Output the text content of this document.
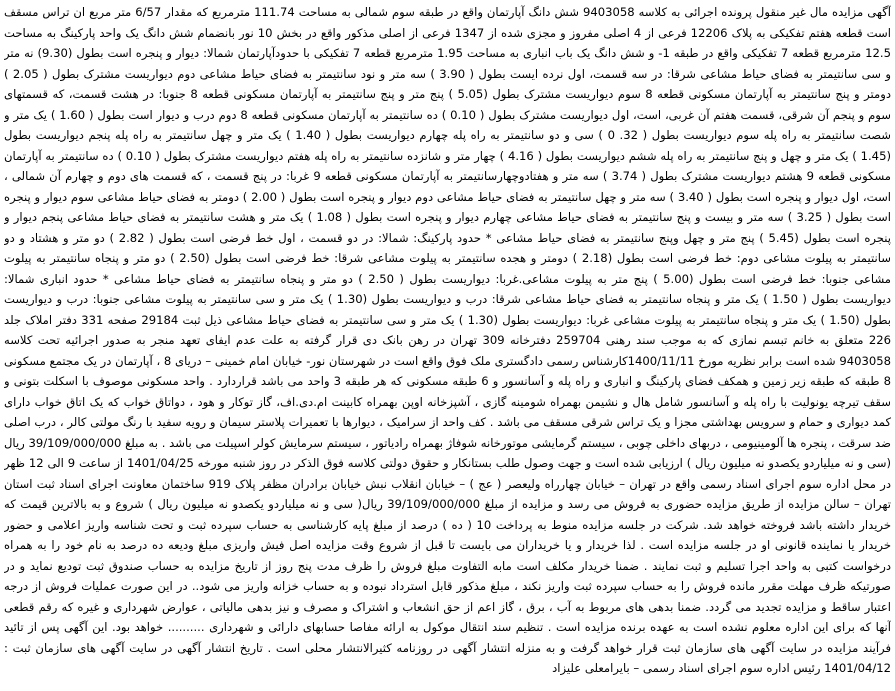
آگهی مزایده مال غیر منقول پرونده اجرائی به کلاسه 9403058 شش دانگ آپارتمان واقع در طبقه سوم شمالی به مساحت 111.74 مترمربع که مقدار 6/57 متر مربع ان تراس مسقف است قطعه هفتم تفکیکی به پلاک 12206 فرعی از 4 اصلی مفروز و مجزی شده از 1347 فرعی از اصلی مذکور واقع در بخش 10 نور بانضمام شش دانگ یک واحد پارکینگ به مساحت 12.5 مترمربع قطعه 7 تفکیکی واقع در طبقه 1- و شش دانگ یک باب انباری به مساحت 1.95 مترمربع قطعه 7 تفکیکی با حدودآپارتمان شمالا: دیوار و پنجره است بطول (9.30) نه متر و سی سانتیمتر به فضای حیاط مشاعی شرقا: در سه قسمت، اول نرده ایست بطول ( 3.90 ) سه متر و نود سانتیمتر به فضای حیاط مشاعی دوم دیواریست مشترک بطول ( 2.05 ) دومتر و پنج سانتیمتر به آپارتمان مسکونی قطعه 8 سوم دیواریست مشترک بطول (5.05 ) پنج متر و پنج سانتیمتر به آپارتمان مسکونی قطعه 8 جنوبا: در هشت قسمت، که قسمتهای سوم و پنجم آن شرقی، قسمت هفتم آن غربی، است، اول دیواریست مشترک بطول ( 0.10 ) ده سانتیمتر به آپارتمان مسکونی قطعه 8 دوم درب و دیوار است بطول ( 1.60 ) یک متر و شصت سانتیمتر به راه پله سوم دیواریست بطول ( 32. 0 ) سی و دو سانتیمتر به راه پله چهارم دیواریست بطول ( 1.40 ) یک متر و چهل سانتیمتر به راه پله پنجم دیواریست بطول (1.45 ) یک متر و چهل و پنج سانتیمتر به راه پله ششم دیواریست بطول ( 4.16 ) چهار متر و شانزده سانتیمتر به راه پله هفتم دیواریست مشترک بطول ( 0.10 ) ده سانتیمتر به آپارتمان مسکونی قطعه 9 هشتم دیواریست مشترک بطول ( 3.74 ) سه متر و هفتادوچهارسانتیمتر به آپارتمان مسکونی قطعه 9 غربا: در پنج قسمت ، که قسمت های دوم و چهارم آن شمالی ، است، اول دیوار و پنجره است بطول ( 3.40 ) سه متر و چهل سانتیمتر به فضای حیاط مشاعی دوم دیوار و پنجره است بطول ( 2.00 ) دومتر به فضای حیاط مشاعی سوم دیوار و پنجره است بطول ( 3.25 ) سه متر و بیست و پنج سانتیمتر به فضای حیاط مشاعی چهارم دیوار و پنجره است بطول ( 1.08 ) یک متر و هشت سانتیمتر به فضای حیاط مشاعی پنجم دیوار و پنجره است بطول (5.45 ) پنج متر و چهل وپنج سانتیمتر به فضای حیاط مشاعی * حدود پارکینگ: شمالا: در دو قسمت ، اول خط فرضی است بطول ( 2.82 ) دو متر و هشتاد و دو سانتیمتر به پیلوت مشاعی دوم: خط فرضی است بطول (2.18 ) دومتر و هجده سانتیمتر به پیلوت مشاعی شرقا: خط فرضی است بطول (2.50 ) دو متر و پنجاه سانتیمتر به پیلوت مشاعی جنوبا: خط فرضی است بطول (5.00 ) پنج متر به پیلوت مشاعی.غربا: دیواریست بطول ( 2.50 ) دو متر و پنجاه سانتیمتر به فضای حیاط مشاعی * حدود انباری شمالا: دیواریست بطول ( 1.50 ) یک متر و پنجاه سانتیمتر به فضای حیاط مشاعی شرقا: درب و دیواریست بطول (1.30 ) یک متر و سی سانتیمتر به پیلوت مشاعی جنوبا: درب و دیواریست بطول (1.50 ) یک متر و پنجاه سانتیمتر به پیلوت مشاعی غربا: دیواریست بطول (1.30 ) یک متر و سی سانتیمتر به فضای حیاط مشاعی ذیل ثبت 29184 صفحه 331 دفتر املاک جلد 226 متعلق به خانم تبسم نمازی که به موجب سند رهنی 259704 دفترخانه 309 تهران در رهن بانک دی قرار گرفته به علت عدم ایفای تعهد منجر به صدور اجرائیه تحت کلاسه 9403058 شده است برابر نظریه مورخ 1400/11/11کارشناس رسمی دادگستری ملک فوق واقع است در شهرستان نور- خیابان امام خمینی – دریای 8 ، آپارتمان در یک مجتمع مسکونی 8 طبقه که طبقه زیر زمین و همکف فضای پارکینگ و انباری و راه پله و آسانسور و 6 طبقه مسکونی که هر طبقه 3 واحد می باشد قراردارد . واحد مسکونی موصوف با اسکلت بتونی و سقف تیرچه یونولیت با راه پله و آسانسور شامل هال و نشیمن بهمراه شومینه گازی ، آشپزخانه اوپن بهمراه کابینت ام.دی.اف، گاز توکار و هود ، دواتاق خواب که یک اتاق خواب دارای کمد دیواری و حمام و سرویس بهداشتی مجزا و یک تراس شرقی مسقف می باشد . کف واحد از سرامیک ، دیوارها با تعمیرات پلاستر سیمان و رویه سفید با رنگ مولتی کالر ، درب اصلی ضد سرقت ، پنجره ها آلومینیومی ، دربهای داخلی چوبی ، سیستم گرمایشی موتورخانه شوفاژ بهمراه رادیاتور ، سیستم سرمایش کولر اسپیلت می باشد . به مبلغ 39/109/000/000 ریال (سی و نه میلیاردو یکصدو نه میلیون ریال ) ارزیابی شده است و جهت وصول طلب بستانکار و حقوق دولتی کلاسه فوق الذکر در روز شنبه مورخه 1401/04/25 از ساعت 9 الی 12 ظهر در محل اداره سوم اجرای اسناد رسمی واقع در تهران – خیابان چهارراه ولیعصر ( عج ) – خیابان انقلاب نبش خیابان برادران مظفر پلاک 919 ساختمان معاونت اجرای اسناد ثبت استان تهران – سالن مزایده از طریق مزایده حضوری به فروش می رسد و مزایده از مبلغ 39/109/000/000 ریال( سی و نه میلیاردو یکصدو نه میلیون ریال ) شروع و به بالاترین قیمت که خریدار داشته باشد فروخته خواهد شد. شرکت در جلسه مزایده منوط به پرداخت 10 ( ده ) درصد از مبلغ پایه کارشناسی به حساب سپرده ثبت و تحت شناسه واریز اعلامی و حضور خریدار یا نماینده قانونی او در جلسه مزایده است . لذا خریدار و یا خریداران می بایست تا قبل از شروع وقت مزایده اصل فیش واریزی مبلغ ودیعه ده درصد به نام خود را به همراه درخواست کتبی به واحد اجرا تسلیم و ثبت نمایند . ضمنا خریدار مکلف است مابه التفاوت مبلغ فروش را ظرف مدت پنج روز از تاریخ مزایده به حساب صندوق ثبت تودیع نماید و در صورتیکه ظرف مهلت مقرر مانده فروش را به حساب سپرده ثبت واریز نکند ، مبلغ مذکور قابل استرداد نبوده و به حساب خزانه واریز می شود.. در این صورت عملیات فروش از درجه اعتبار ساقط و مزایده تجدید می گردد. ضمنا بدهی های مربوط به آب ، برق ، گاز اعم از حق انشعاب و اشتراک و مصرف و نیز بدهی مالیاتی ، عوارض شهرداری و غیره که رقم قطعی آنها که برای این اداره معلوم نشده است به عهده برنده مزایده است . تنظیم سند انتقال موکول به ارائه مفاصا حسابهای دارائی و شهرداری .......... خواهد بود. این آگهی پس از تائید فرآیند مزایده در سایت آگهی های سازمان ثبت قرار خواهد گرفت و به منزله انتشار آگهی در روزنامه کثیرالانتشار محلی است . تاریخ انتشار آگهی در سایت آگهی های سازمان ثبت : 1401/04/12 رئیس اداره سوم اجرای اسناد رسمی – بایرامعلی علیزاد
